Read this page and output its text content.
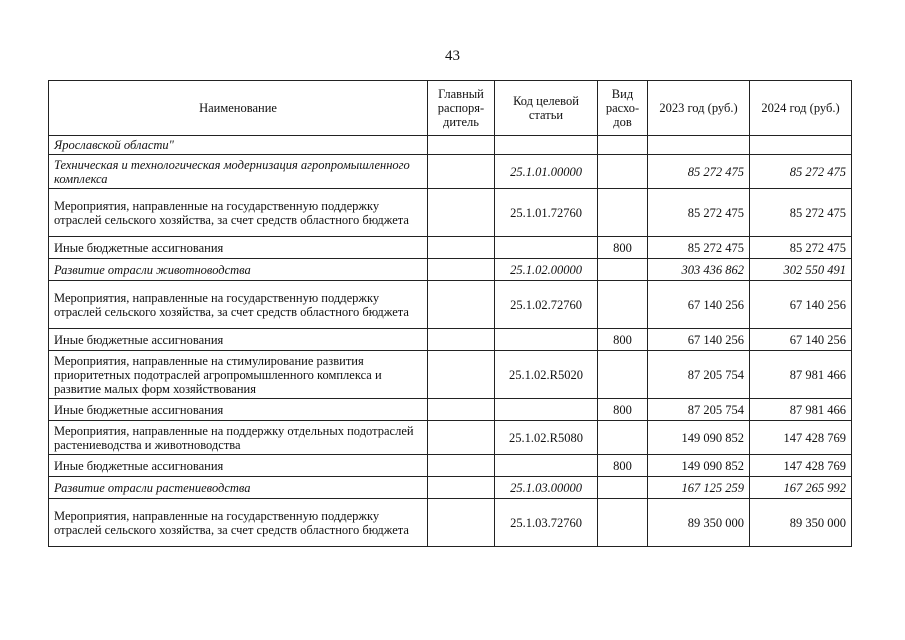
43
Наименование	Главный распоря-дитель	Код целевой статьи	Вид расхо-дов	2023 год (руб.)	2024 год (руб.)
Ярославской области"					
Техническая и технологическая модернизация агропромышленного комплекса		25.1.01.00000		85 272 475	85 272 475
Мероприятия, направленные на государственную поддержку отраслей сельского хозяйства, за счет средств областного бюджета		25.1.01.72760		85 272 475	85 272 475
Иные бюджетные ассигнования			800	85 272 475	85 272 475
Развитие отрасли животноводства		25.1.02.00000		303 436 862	302 550 491
Мероприятия, направленные на государственную поддержку отраслей сельского хозяйства, за счет средств областного бюджета		25.1.02.72760		67 140 256	67 140 256
Иные бюджетные ассигнования			800	67 140 256	67 140 256
Мероприятия, направленные на стимулирование развития приоритетных подотраслей агропромышленного комплекса и развитие малых форм хозяйствования		25.1.02.R5020		87 205 754	87 981 466
Иные бюджетные ассигнования			800	87 205 754	87 981 466
Мероприятия, направленные на поддержку отдельных подотраслей растениеводства и животноводства		25.1.02.R5080		149 090 852	147 428 769
Иные бюджетные ассигнования			800	149 090 852	147 428 769
Развитие отрасли растениеводства		25.1.03.00000		167 125 259	167 265 992
Мероприятия, направленные на государственную поддержку отраслей сельского хозяйства, за счет средств областного бюджета		25.1.03.72760		89 350 000	89 350 000
